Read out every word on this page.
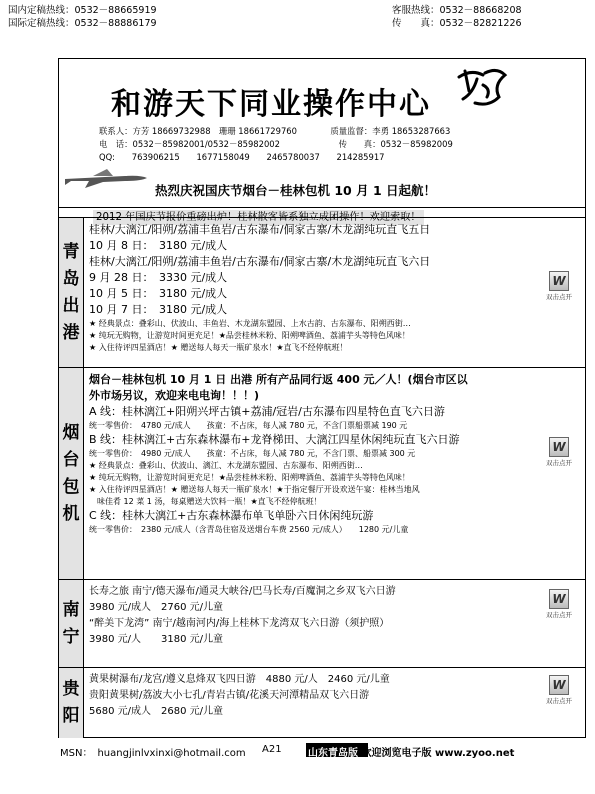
国内定稿热线：0532－88665919
国际定稿热线：0532－88886179
客服热线：0532－88668208
传　　真：0532－82821226
和游天下同业操作中心
联系人：方芳 18669732988　珊珊 18661729760　　　　质量监督：李勇 18653287663
电　话：0532－85982001/0532－85982002　　　　　　　传　　真：0532－85982009
QQ:　　763906215　　1677158049　　2465780037　　214285917
热烈庆祝国庆节烟台－桂林包机 10 月 1 日起航！
2012 年国庆节报价重磅出炉！桂林散客皆系独立成团操作！欢迎索取！
青
岛
出
港
桂林/大漓江/阳朔/荔浦丰鱼岩/古东瀑布/侗家古寨/木龙湖纯玩直飞五日
10 月 8 日：　3180 元/成人
桂林/大漓江/阳朔/荔浦丰鱼岩/古东瀑布/侗家古寨/木龙湖纯玩直飞六日
9 月 28 日：　3330 元/成人
10 月 5 日：　3180 元/成人
10 月 7 日：　3180 元/成人
★ 经典景点：叠彩山、伏波山、丰鱼岩、木龙湖东盟园、上水古韵、古东瀑布、阳朔西街…
★ 纯玩无购物，让游览时间更充足！★品尝桂林米粉、阳朔啤酒鱼、荔浦芋头等特色风味！
★ 入住待评四星酒店！★ 赠送每人每天一瓶矿泉水！★直飞不经停航班！
烟
台
包
机
烟台－桂林包机 10 月 1 日 出港 所有产品同行返 400 元／人！(烟台市区以
外市场另议，欢迎来电电询！！！)
A 线：桂林漓江+阳朔兴坪古镇+荔浦/冠岩/古东瀑布四星特色直飞六日游
统一零售价：　4780 元/成人　　孩童：不占床，每人减 780 元，不含门票船票减 190 元
B 线：桂林漓江+古东森林瀑布+龙脊梯田、大漓江四星休闲纯玩直飞六日游
统一零售价：　4980 元/成人　　孩童：不占床，每人减 780 元，不含门票、船票减 300 元
★ 经典景点：叠彩山、伏波山、漓江、木龙湖东盟园、古东瀑布、阳朔西街…
★ 纯玩无购物，让游览时间更充足！★品尝桂林米粉、阳朔啤酒鱼、荔浦芋头等特色风味！
★ 入住待评四星酒店！★ 赠送每人每天一瓶矿泉水！★于指定餐厅开设欢送午宴：桂林当地风
　味佳肴 12 菜 1 汤，每桌赠送大饮料一瓶！★直飞不经停航班！
C 线：桂林大漓江+古东森林瀑布单飞单卧六日休闲纯玩游
统一零售价：　2380 元/成人（含青岛住宿及送烟台车费 2560 元/成人）　　1280 元/儿童
南
宁
长寿之旅 南宁/德天瀑布/通灵大峡谷/巴马长寿/百魔洞之乡双飞六日游
3980 元/成人　2760 元/儿童
“醉美下龙湾” 南宁/越南河内/海上桂林下龙湾双飞六日游（须护照）
3980 元/人　　3180 元/儿童
贵
阳
黄果树瀑布/龙宫/遵义息烽双飞四日游　4880 元/人　2460 元/儿童
贵阳黄果树/荔波大小七孔/青岩古镇/花溪天河潭精品双飞六日游
5680 元/成人　2680 元/儿童
W
双击点开
W
双击点开
W
双击点开
W
双击点开
MSN：　huangjinlvxinxi@hotmail.com A21	山东青岛版 欢迎浏览电子版 www.zyoo.net
